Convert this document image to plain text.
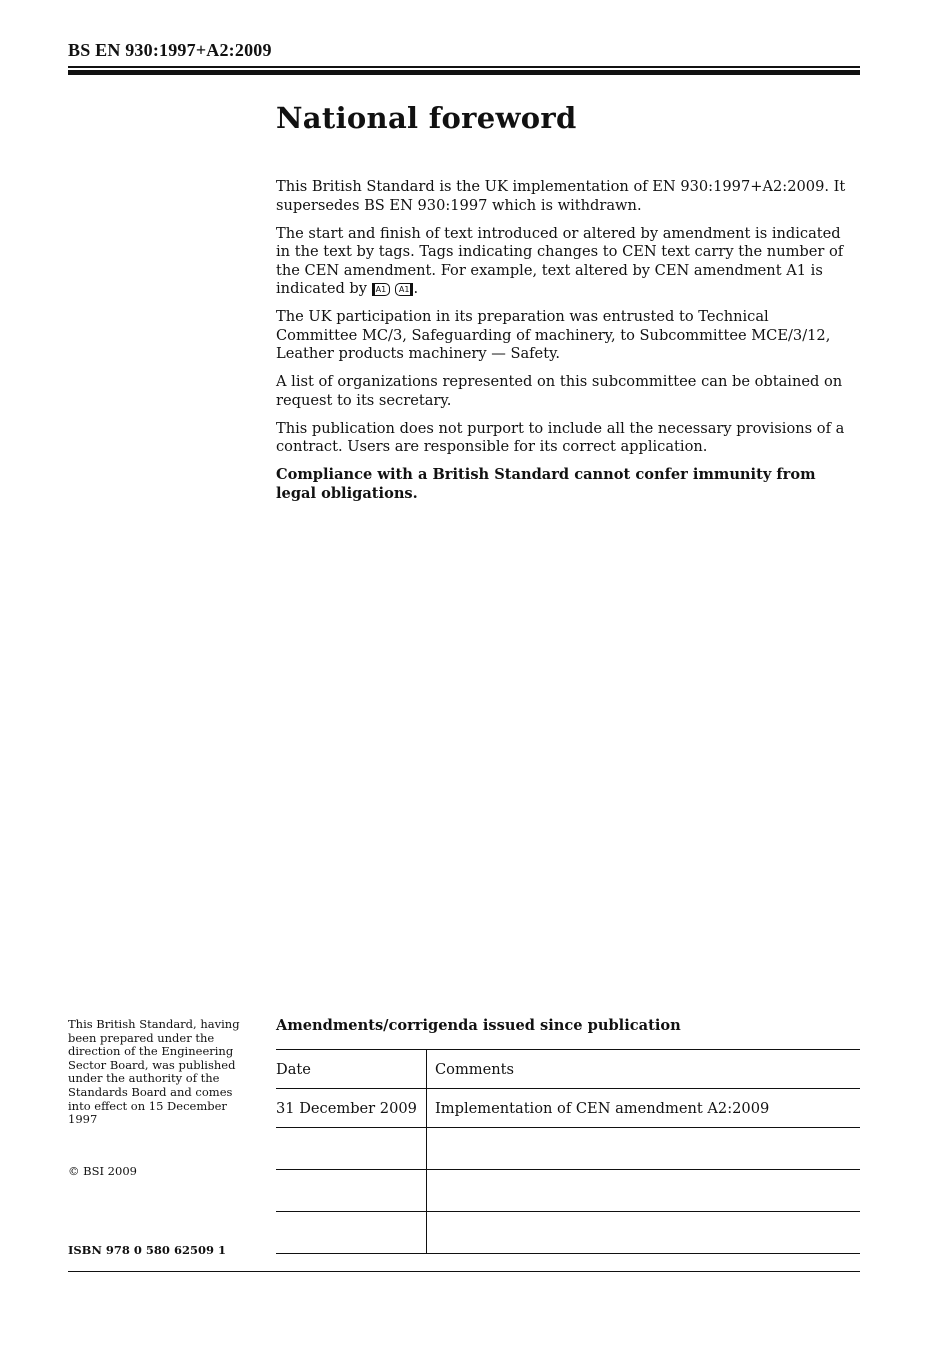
BS EN 930:1997+A2:2009
National foreword

This British Standard is the UK implementation of EN 930:1997+A2:2009. It supersedes BS EN 930:1997 which is withdrawn.

The start and finish of text introduced or altered by amendment is indicated in the text by tags. Tags indicating changes to CEN text carry the number of the CEN amendment. For example, text altered by CEN amendment A1 is indicated by A1 A1 .

The UK participation in its preparation was entrusted to Technical Committee MC/3, Safeguarding of machinery, to Subcommittee MCE/3/12, Leather products machinery — Safety.

A list of organizations represented on this subcommittee can be obtained on request to its secretary.

This publication does not purport to include all the necessary provisions of a contract. Users are responsible for its correct application.

Compliance with a British Standard cannot confer immunity from legal obligations.

This British Standard, having been prepared under the direction of the Engineering Sector Board, was published under the authority of the Standards Board and comes into effect on 15 December 1997
© BSI 2009
ISBN 978 0 580 62509 1
Amendments/corrigenda issued since publication
Date	Comments
31 December 2009	Implementation of CEN amendment A2:2009
